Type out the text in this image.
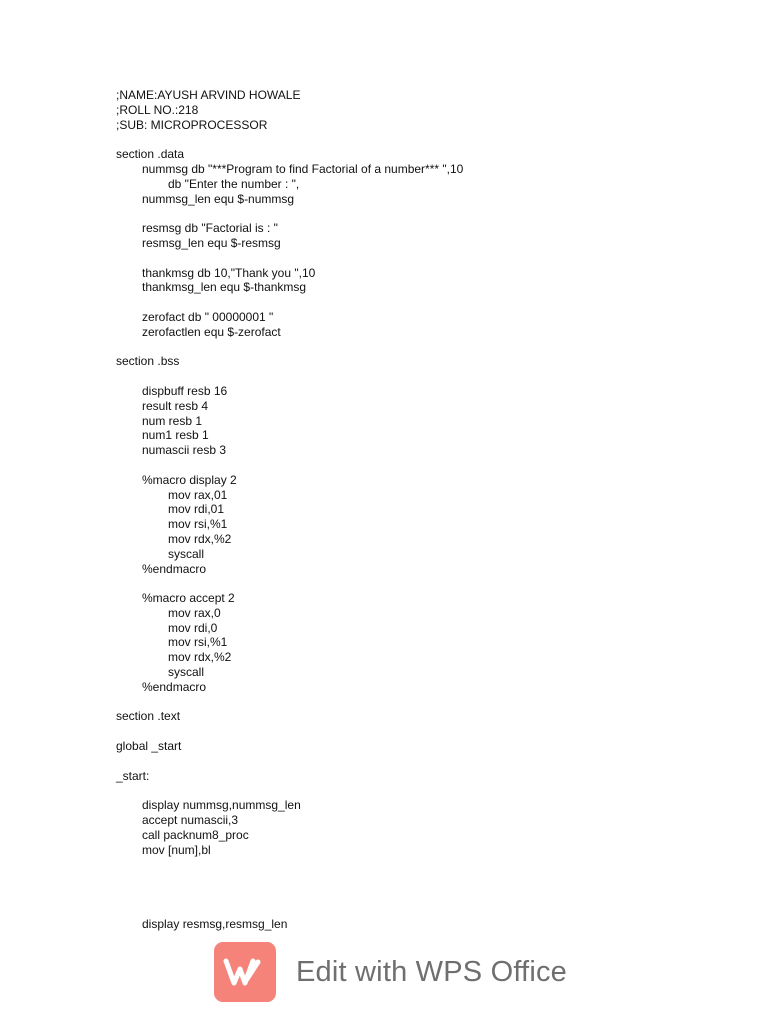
;NAME:AYUSH ARVIND HOWALE
;ROLL NO.:218
;SUB: MICROPROCESSOR
section .data
nummsg db "***Program to find Factorial of a number*** ",10
db "Enter the number : ",
nummsg_len equ $-nummsg
resmsg db "Factorial is : "
resmsg_len equ $-resmsg
thankmsg db 10,"Thank you ",10
thankmsg_len equ $-thankmsg
zerofact db " 00000001 "
zerofactlen equ $-zerofact
section .bss
dispbuff resb 16
result resb 4
num resb 1
num1 resb 1
numascii resb 3
%macro display 2
mov rax,01
mov rdi,01
mov rsi,%1
mov rdx,%2
syscall
%endmacro
%macro accept 2
mov rax,0
mov rdi,0
mov rsi,%1
mov rdx,%2
syscall
%endmacro
section .text
global _start
_start:
display nummsg,nummsg_len
accept numascii,3
call packnum8_proc
mov [num],bl
display resmsg,resmsg_len
Edit with WPS Office
